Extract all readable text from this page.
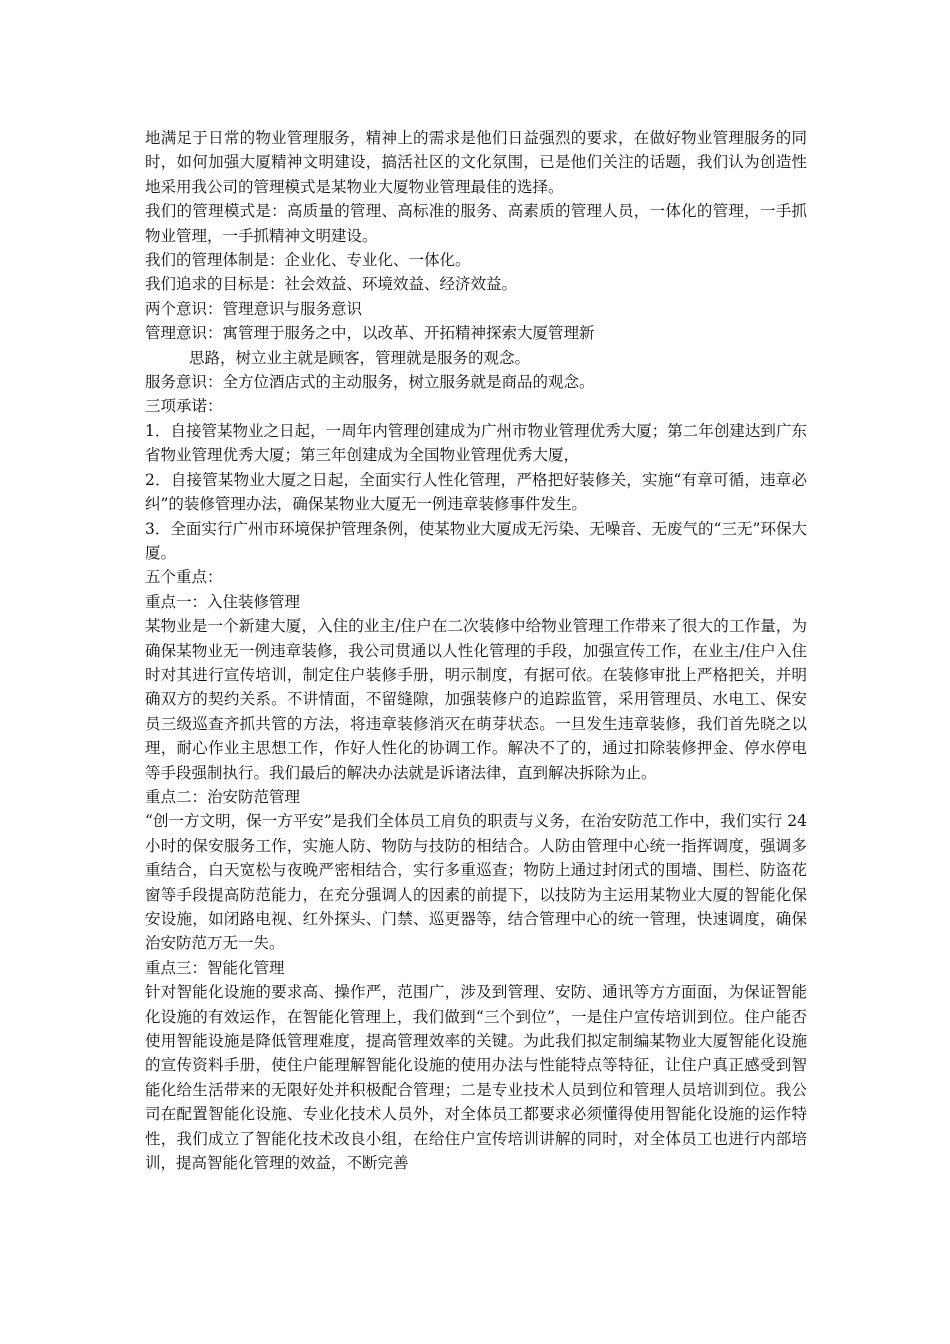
地满足于日常的物业管理服务，精神上的需求是他们日益强烈的要求，在做好物业管理服务的同时，如何加强大厦精神文明建设，搞活社区的文化氛围，已是他们关注的话题，我们认为创造性地采用我公司的管理模式是某物业大厦物业管理最佳的选择。

我们的管理模式是：高质量的管理、高标准的服务、高素质的管理人员，一体化的管理，一手抓物业管理，一手抓精神文明建设。

我们的管理体制是：企业化、专业化、一体化。

我们追求的目标是：社会效益、环境效益、经济效益。

两个意识：管理意识与服务意识

管理意识：寓管理于服务之中，以改革、开拓精神探索大厦管理新

思路，树立业主就是顾客，管理就是服务的观念。

服务意识：全方位酒店式的主动服务，树立服务就是商品的观念。

三项承诺：

1．自接管某物业之日起，一周年内管理创建成为广州市物业管理优秀大厦；第二年创建达到广东省物业管理优秀大厦；第三年创建成为全国物业管理优秀大厦，

2．自接管某物业大厦之日起，全面实行人性化管理，严格把好装修关，实施“有章可循，违章必纠”的装修管理办法，确保某物业大厦无一例违章装修事件发生。

3．全面实行广州市环境保护管理条例，使某物业大厦成无污染、无噪音、无废气的“三无”环保大厦。

五个重点：

重点一：入住装修管理

某物业是一个新建大厦，入住的业主/住户在二次装修中给物业管理工作带来了很大的工作量，为确保某物业无一例违章装修，我公司贯通以人性化管理的手段，加强宣传工作，在业主/住户入住时对其进行宣传培训，制定住户装修手册，明示制度，有据可依。在装修审批上严格把关，并明确双方的契约关系。不讲情面，不留缝隙，加强装修户的追踪监管，采用管理员、水电工、保安员三级巡查齐抓共管的方法，将违章装修消灭在萌芽状态。一旦发生违章装修，我们首先晓之以理，耐心作业主思想工作，作好人性化的协调工作。解决不了的，通过扣除装修押金、停水停电等手段强制执行。我们最后的解决办法就是诉诸法律，直到解决拆除为止。

重点二：治安防范管理

“创一方文明，保一方平安”是我们全体员工肩负的职责与义务，在治安防范工作中，我们实行 24 小时的保安服务工作，实施人防、物防与技防的相结合。人防由管理中心统一指挥调度，强调多重结合，白天宽松与夜晚严密相结合，实行多重巡查；物防上通过封闭式的围墙、围栏、防盗花窗等手段提高防范能力，在充分强调人的因素的前提下，以技防为主运用某物业大厦的智能化保安设施，如闭路电视、红外探头、门禁、巡更器等，结合管理中心的统一管理，快速调度，确保治安防范万无一失。

重点三：智能化管理

针对智能化设施的要求高、操作严，范围广，涉及到管理、安防、通讯等方方面面，为保证智能化设施的有效运作，在智能化管理上，我们做到“三个到位”，一是住户宣传培训到位。住户能否使用智能设施是降低管理难度，提高管理效率的关键。为此我们拟定制编某物业大厦智能化设施的宣传资料手册，使住户能理解智能化设施的使用办法与性能特点等特征，让住户真正感受到智能化给生活带来的无限好处并积极配合管理；二是专业技术人员到位和管理人员培训到位。我公司在配置智能化设施、专业化技术人员外，对全体员工都要求必须懂得使用智能化设施的运作特性，我们成立了智能化技术改良小组，在给住户宣传培训讲解的同时，对全体员工也进行内部培训，提高智能化管理的效益，不断完善
